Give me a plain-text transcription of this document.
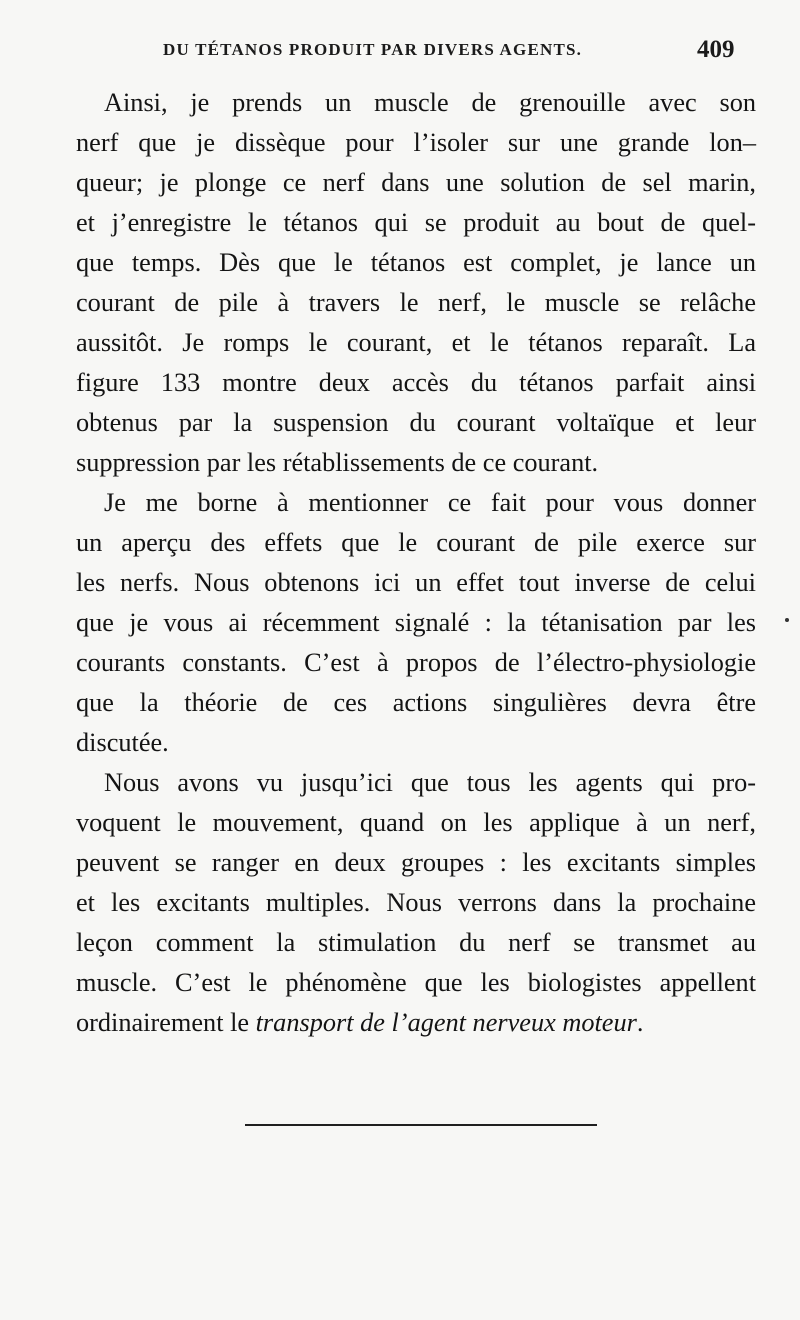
DU TÉTANOS PRODUIT PAR DIVERS AGENTS.	409
Ainsi, je prends un muscle de grenouille avec son
nerf que je dissèque pour l’isoler sur une grande lon–
queur; je plonge ce nerf dans une solution de sel marin,
et j’enregistre le tétanos qui se produit au bout de quel-
que temps. Dès que le tétanos est complet, je lance un
courant de pile à travers le nerf, le muscle se relâche
aussitôt. Je romps le courant, et le tétanos reparaît. La
figure 133 montre deux accès du tétanos parfait ainsi
obtenus par la suspension du courant voltaïque et leur
suppression par les rétablissements de ce courant.
Je me borne à mentionner ce fait pour vous donner
un aperçu des effets que le courant de pile exerce sur
les nerfs. Nous obtenons ici un effet tout inverse de celui
que je vous ai récemment signalé : la tétanisation par les
courants constants. C’est à propos de l’électro-physiologie
que la théorie de ces actions singulières devra être
discutée.
Nous avons vu jusqu’ici que tous les agents qui pro-
voquent le mouvement, quand on les applique à un nerf,
peuvent se ranger en deux groupes : les excitants simples
et les excitants multiples. Nous verrons dans la prochaine
leçon comment la stimulation du nerf se transmet au
muscle. C’est le phénomène que les biologistes appellent
ordinairement le transport de l’agent nerveux moteur.
